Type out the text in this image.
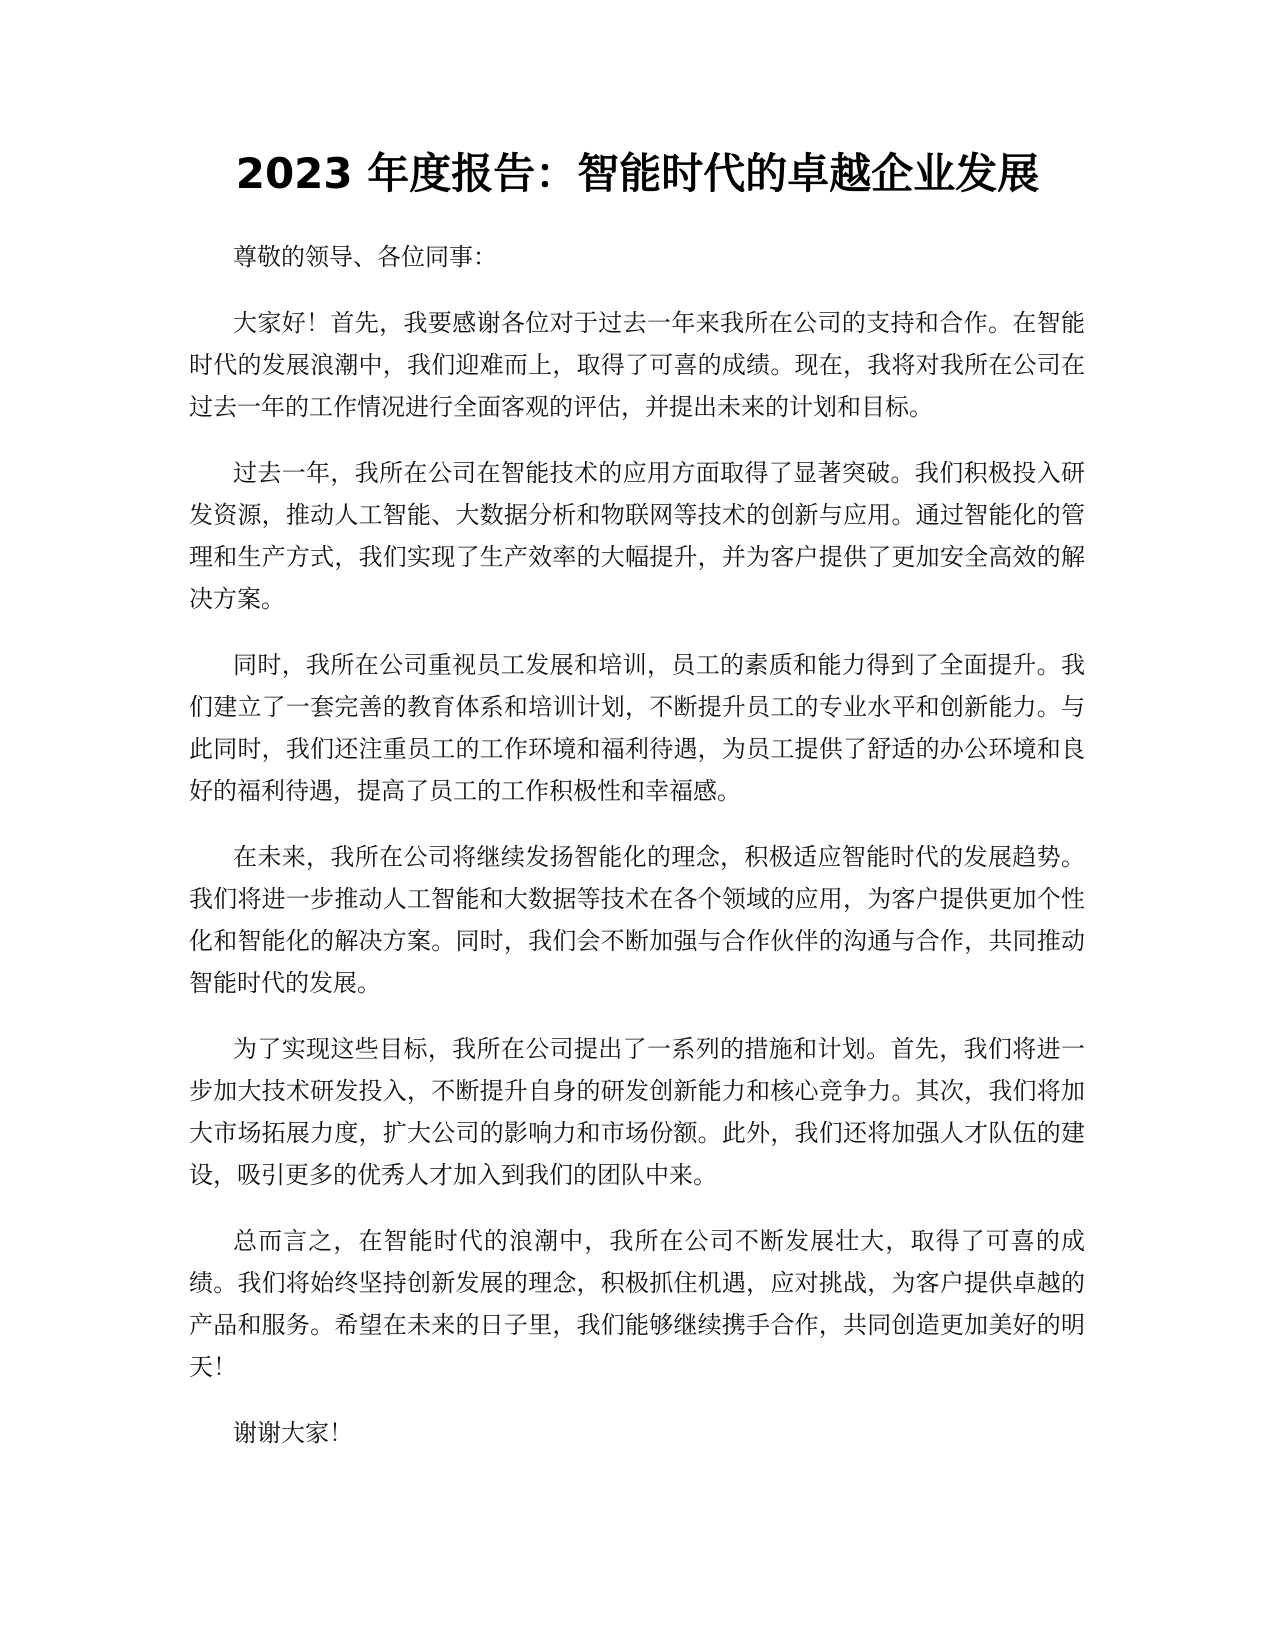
2023 年度报告：智能时代的卓越企业发展

尊敬的领导、各位同事：

大家好！首先，我要感谢各位对于过去一年来我所在公司的支持和合作。在智能时代的发展浪潮中，我们迎难而上，取得了可喜的成绩。现在，我将对我所在公司在过去一年的工作情况进行全面客观的评估，并提出未来的计划和目标。

过去一年，我所在公司在智能技术的应用方面取得了显著突破。我们积极投入研发资源，推动人工智能、大数据分析和物联网等技术的创新与应用。通过智能化的管理和生产方式，我们实现了生产效率的大幅提升，并为客户提供了更加安全高效的解决方案。

同时，我所在公司重视员工发展和培训，员工的素质和能力得到了全面提升。我们建立了一套完善的教育体系和培训计划，不断提升员工的专业水平和创新能力。与此同时，我们还注重员工的工作环境和福利待遇，为员工提供了舒适的办公环境和良好的福利待遇，提高了员工的工作积极性和幸福感。

在未来，我所在公司将继续发扬智能化的理念，积极适应智能时代的发展趋势。我们将进一步推动人工智能和大数据等技术在各个领域的应用，为客户提供更加个性化和智能化的解决方案。同时，我们会不断加强与合作伙伴的沟通与合作，共同推动智能时代的发展。

为了实现这些目标，我所在公司提出了一系列的措施和计划。首先，我们将进一步加大技术研发投入，不断提升自身的研发创新能力和核心竞争力。其次，我们将加大市场拓展力度，扩大公司的影响力和市场份额。此外，我们还将加强人才队伍的建设，吸引更多的优秀人才加入到我们的团队中来。

总而言之，在智能时代的浪潮中，我所在公司不断发展壮大，取得了可喜的成绩。我们将始终坚持创新发展的理念，积极抓住机遇，应对挑战，为客户提供卓越的产品和服务。希望在未来的日子里，我们能够继续携手合作，共同创造更加美好的明天！

谢谢大家！
